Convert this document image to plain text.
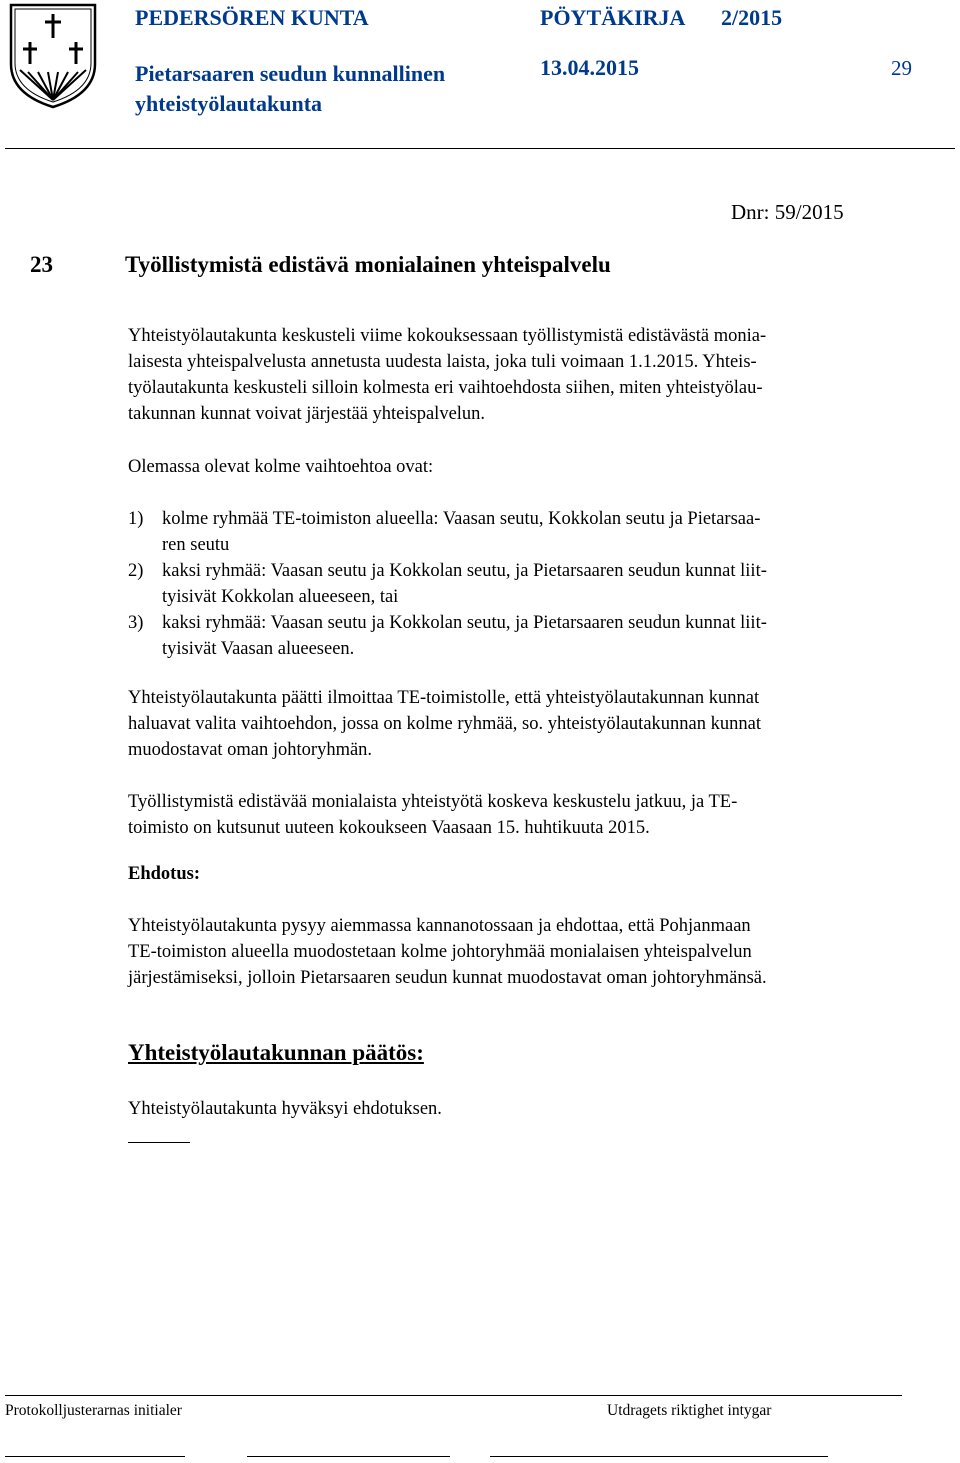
PEDERSÖREN KUNTA
Pietarsaaren seudun kunnallinen
yhteistyölautakunta
PÖYTÄKIRJA 2/2015
13.04.2015	29
Dnr: 59/2015
23	Työllistymistä edistävä monialainen yhteispalvelu
Yhteistyölautakunta keskusteli viime kokouksessaan työllistymistä edistävästä monia-
laisesta yhteispalvelusta annetusta uudesta laista, joka tuli voimaan 1.1.2015. Yhteis-
työlautakunta keskusteli silloin kolmesta eri vaihtoehdosta siihen, miten yhteistyölau-
takunnan kunnat voivat järjestää yhteispalvelun.
Olemassa olevat kolme vaihtoehtoa ovat:
1) kolme ryhmää TE-toimiston alueella: Vaasan seutu, Kokkolan seutu ja Pietarsaa-
ren seutu
2) kaksi ryhmää: Vaasan seutu ja Kokkolan seutu, ja Pietarsaaren seudun kunnat liit-
tyisivät Kokkolan alueeseen, tai
3) kaksi ryhmää: Vaasan seutu ja Kokkolan seutu, ja Pietarsaaren seudun kunnat liit-
tyisivät Vaasan alueeseen.
Yhteistyölautakunta päätti ilmoittaa TE-toimistolle, että yhteistyölautakunnan kunnat
haluavat valita vaihtoehdon, jossa on kolme ryhmää, so. yhteistyölautakunnan kunnat
muodostavat oman johtoryhmän.
Työllistymistä edistävää monialaista yhteistyötä koskeva keskustelu jatkuu, ja TE-
toimisto on kutsunut uuteen kokoukseen Vaasaan 15. huhtikuuta 2015.
Ehdotus:
Yhteistyölautakunta pysyy aiemmassa kannanotossaan ja ehdottaa, että Pohjanmaan
TE-toimiston alueella muodostetaan kolme johtoryhmää monialaisen yhteispalvelun
järjestämiseksi, jolloin Pietarsaaren seudun kunnat muodostavat oman johtoryhmänsä.
Yhteistyölautakunnan päätös:
Yhteistyölautakunta hyväksyi ehdotuksen.
Protokolljusterarnas initialer	Utdragets riktighet intygar
